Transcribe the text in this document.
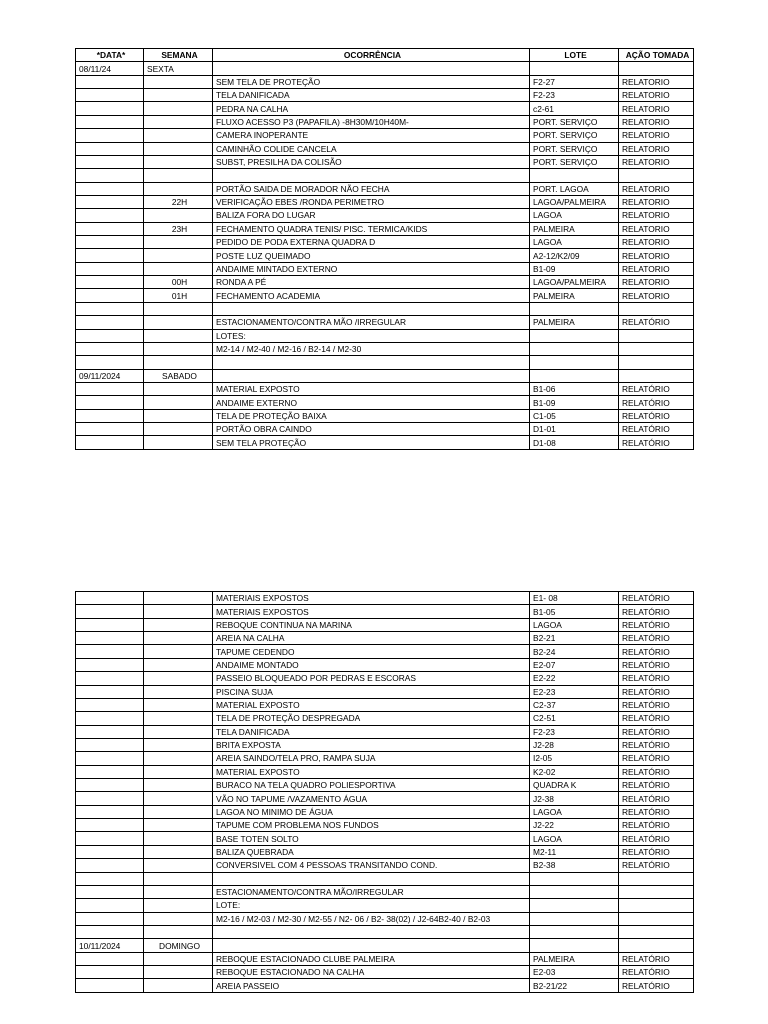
*DATA*	SEMANA	OCORRÊNCIA	LOTE	AÇÃO TOMADA
08/11/24	SEXTA			
		SEM TELA DE PROTEÇÃO	F2-27	RELATORIO
		TELA DANIFICADA	F2-23	RELATORIO
		PEDRA NA CALHA	c2-61	RELATORIO
		FLUXO ACESSO P3 (PAPAFILA) -8H30M/10H40M-	PORT. SERVIÇO	RELATORIO
		CAMERA INOPERANTE	PORT. SERVIÇO	RELATORIO
		CAMINHÃO COLIDE CANCELA	PORT. SERVIÇO	RELATORIO
		SUBST, PRESILHA DA COLISÃO	PORT. SERVIÇO	RELATORIO

		PORTÃO SAIDA DE MORADOR NÃO FECHA	PORT. LAGOA	RELATORIO
	22H	VERIFICAÇÃO EBES /RONDA PERIMETRO	LAGOA/PALMEIRA	RELATORIO
		BALIZA FORA DO LUGAR	LAGOA	RELATORIO
	23H	FECHAMENTO QUADRA TENIS/ PISC. TERMICA/KIDS	PALMEIRA	RELATORIO
		PEDIDO DE PODA EXTERNA QUADRA D	LAGOA	RELATORIO
		POSTE LUZ QUEIMADO	A2-12/K2/09	RELATORIO
		ANDAIME MINTADO EXTERNO	B1-09	RELATORIO
	00H	RONDA A PÉ	LAGOA/PALMEIRA	RELATORIO
	01H	FECHAMENTO ACADEMIA	PALMEIRA	RELATORIO

		ESTACIONAMENTO/CONTRA MÃO /IRREGULAR	PALMEIRA	RELATÓRIO
		LOTES:		
		M2-14 / M2-40 / M2-16 / B2-14 / M2-30		

09/11/2024	SABADO			
		MATERIAL EXPOSTO	B1-06	RELATÓRIO
		ANDAIME EXTERNO	B1-09	RELATÓRIO
		TELA DE PROTEÇÃO BAIXA	C1-05	RELATÓRIO
		PORTÃO OBRA CAINDO	D1-01	RELATÓRIO
		SEM TELA PROTEÇÃO	D1-08	RELATÓRIO
		MATERIAIS EXPOSTOS	E1- 08	RELATÓRIO
		MATERIAIS EXPOSTOS	B1-05	RELATÓRIO
		REBOQUE CONTINUA NA MARINA	LAGOA	RELATÓRIO
		AREIA NA CALHA	B2-21	RELATÓRIO
		TAPUME CEDENDO	B2-24	RELATÓRIO
		ANDAIME MONTADO	E2-07	RELATÓRIO
		PASSEIO BLOQUEADO POR PEDRAS E ESCORAS	E2-22	RELATÓRIO
		PISCINA SUJA	E2-23	RELATÓRIO
		MATERIAL EXPOSTO	C2-37	RELATÓRIO
		TELA DE PROTEÇÃO DESPREGADA	C2-51	RELATÓRIO
		TELA DANIFICADA	F2-23	RELATÓRIO
		BRITA EXPOSTA	J2-28	RELATÓRIO
		AREIA SAINDO/TELA PRO, RAMPA SUJA	I2-05	RELATÓRIO
		MATERIAL EXPOSTO	K2-02	RELATÓRIO
		BURACO NA TELA QUADRO POLIESPORTIVA	QUADRA K	RELATÓRIO
		VÃO NO TAPUME /VAZAMENTO ÁGUA	J2-38	RELATÓRIO
		LAGOA NO MINIMO DE ÁGUA	LAGOA	RELATÓRIO
		TAPUME COM PROBLEMA NOS FUNDOS	J2-22	RELATÓRIO
		BASE TOTEN SOLTO	LAGOA	RELATÓRIO
		BALIZA QUEBRADA	M2-11	RELATÓRIO
		CONVERSIVEL COM 4 PESSOAS TRANSITANDO COND.	B2-38	RELATÓRIO

		ESTACIONAMENTO/CONTRA MÃO/IRREGULAR		
		LOTE:		
		M2-16 / M2-03 / M2-30 / M2-55 / N2- 06 / B2- 38(02) / J2-64B2-40 / B2-03		

10/11/2024	DOMINGO			
		REBOQUE ESTACIONADO CLUBE PALMEIRA	PALMEIRA	RELATÓRIO
		REBOQUE ESTACIONADO NA CALHA	E2-03	RELATÓRIO
		AREIA PASSEIO	B2-21/22	RELATÓRIO
